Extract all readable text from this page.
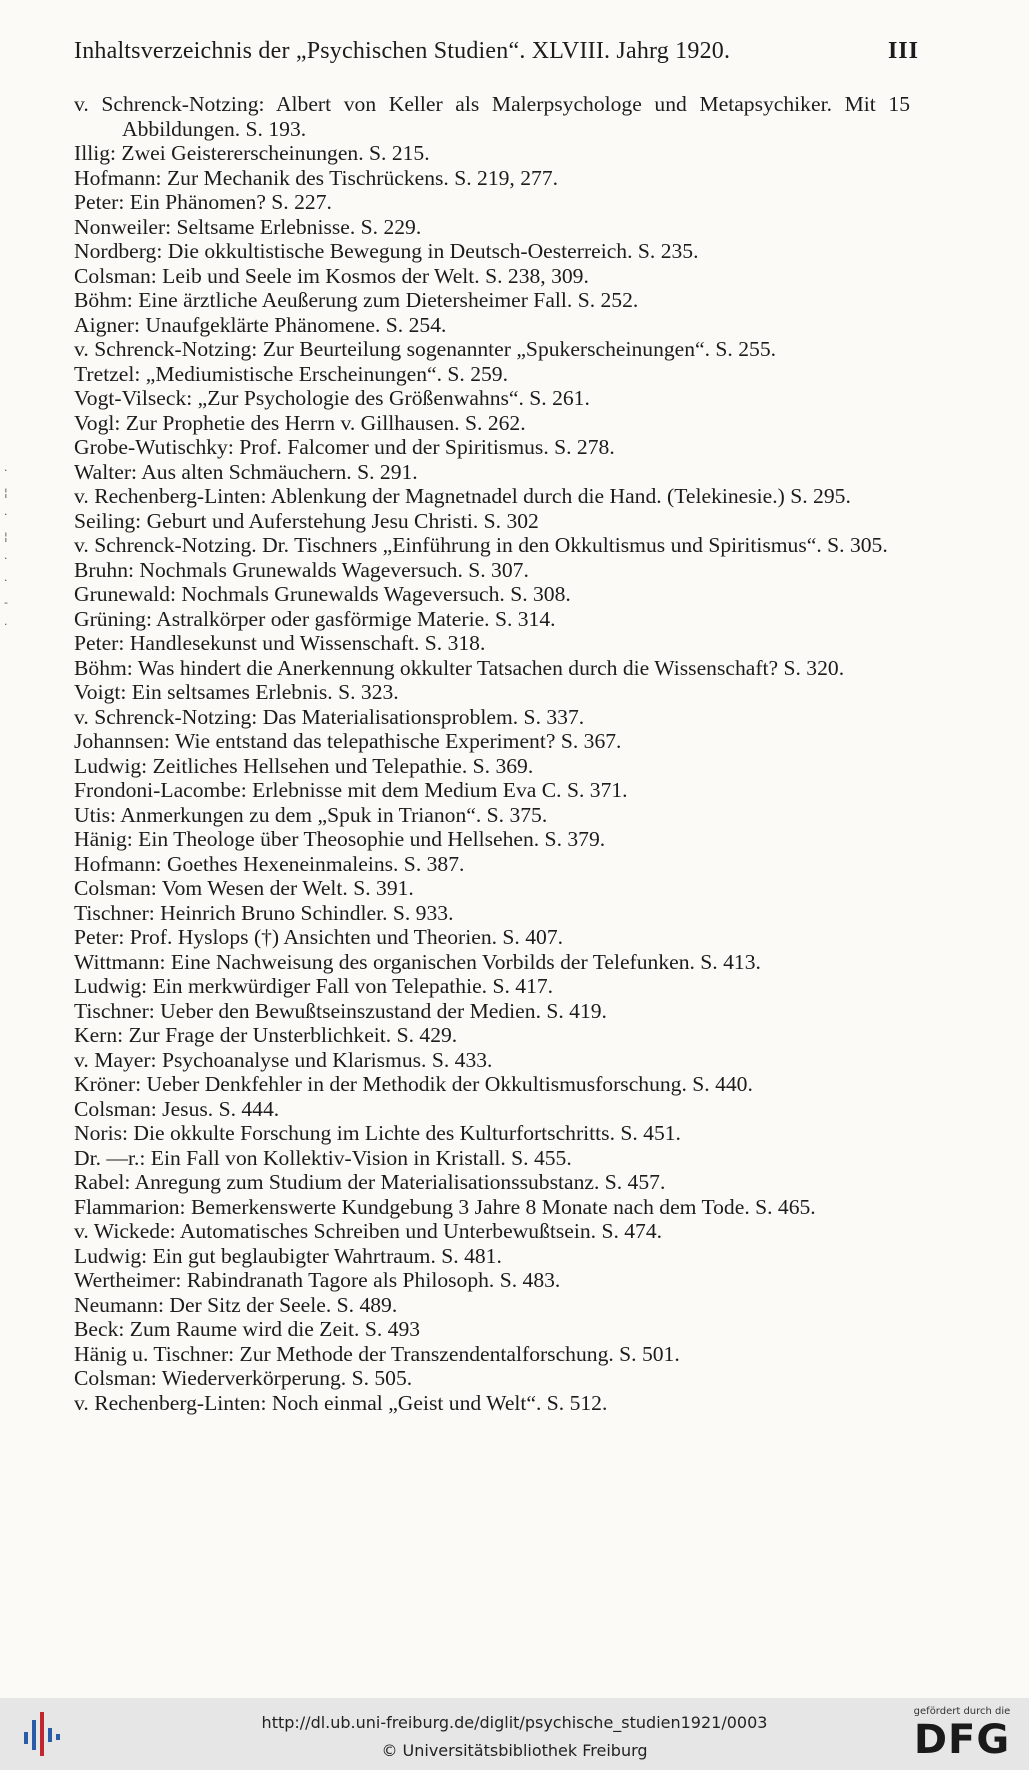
Inhaltsverzeichnis der „Psychischen Studien“. XLVIII. Jahrg 1920.	III
·
¦
·
¦
·
·
-
·
v. Schrenck-Notzing: Albert von Keller als Malerpsychologe und Metapsychiker. Mit 15 Abbildungen. S. 193.
Illig: Zwei Geistererscheinungen. S. 215.
Hofmann: Zur Mechanik des Tischrückens. S. 219, 277.
Peter: Ein Phänomen? S. 227.
Nonweiler: Seltsame Erlebnisse. S. 229.
Nordberg: Die okkultistische Bewegung in Deutsch-Oesterreich. S. 235.
Colsman: Leib und Seele im Kosmos der Welt. S. 238, 309.
Böhm: Eine ärztliche Aeußerung zum Dietersheimer Fall. S. 252.
Aigner: Unaufgeklärte Phänomene. S. 254.
v. Schrenck-Notzing: Zur Beurteilung sogenannter „Spukerscheinungen“. S. 255.
Tretzel: „Mediumistische Erscheinungen“. S. 259.
Vogt-Vilseck: „Zur Psychologie des Größenwahns“. S. 261.
Vogl: Zur Prophetie des Herrn v. Gillhausen. S. 262.
Grobe-Wutischky: Prof. Falcomer und der Spiritismus. S. 278.
Walter: Aus alten Schmäuchern. S. 291.
v. Rechenberg-Linten: Ablenkung der Magnetnadel durch die Hand. (Telekinesie.) S. 295.
Seiling: Geburt und Auferstehung Jesu Christi. S. 302
v. Schrenck-Notzing. Dr. Tischners „Einführung in den Okkultismus und Spiritismus“. S. 305.
Bruhn: Nochmals Grunewalds Wageversuch. S. 307.
Grunewald: Nochmals Grunewalds Wageversuch. S. 308.
Grüning: Astralkörper oder gasförmige Materie. S. 314.
Peter: Handlesekunst und Wissenschaft. S. 318.
Böhm: Was hindert die Anerkennung okkulter Tatsachen durch die Wissenschaft? S. 320.
Voigt: Ein seltsames Erlebnis. S. 323.
v. Schrenck-Notzing: Das Materialisationsproblem. S. 337.
Johannsen: Wie entstand das telepathische Experiment? S. 367.
Ludwig: Zeitliches Hellsehen und Telepathie. S. 369.
Frondoni-Lacombe: Erlebnisse mit dem Medium Eva C. S. 371.
Utis: Anmerkungen zu dem „Spuk in Trianon“. S. 375.
Hänig: Ein Theologe über Theosophie und Hellsehen. S. 379.
Hofmann: Goethes Hexeneinmaleins. S. 387.
Colsman: Vom Wesen der Welt. S. 391.
Tischner: Heinrich Bruno Schindler. S. 933.
Peter: Prof. Hyslops (†) Ansichten und Theorien. S. 407.
Wittmann: Eine Nachweisung des organischen Vorbilds der Telefunken. S. 413.
Ludwig: Ein merkwürdiger Fall von Telepathie. S. 417.
Tischner: Ueber den Bewußtseinszustand der Medien. S. 419.
Kern: Zur Frage der Unsterblichkeit. S. 429.
v. Mayer: Psychoanalyse und Klarismus. S. 433.
Kröner: Ueber Denkfehler in der Methodik der Okkultismusforschung. S. 440.
Colsman: Jesus. S. 444.
Noris: Die okkulte Forschung im Lichte des Kulturfortschritts. S. 451.
Dr. —r.: Ein Fall von Kollektiv-Vision in Kristall. S. 455.
Rabel: Anregung zum Studium der Materialisationssubstanz. S. 457.
Flammarion: Bemerkenswerte Kundgebung 3 Jahre 8 Monate nach dem Tode. S. 465.
v. Wickede: Automatisches Schreiben und Unterbewußtsein. S. 474.
Ludwig: Ein gut beglaubigter Wahrtraum. S. 481.
Wertheimer: Rabindranath Tagore als Philosoph. S. 483.
Neumann: Der Sitz der Seele. S. 489.
Beck: Zum Raume wird die Zeit. S. 493
Hänig u. Tischner: Zur Methode der Transzendentalforschung. S. 501.
Colsman: Wiederverkörperung. S. 505.
v. Rechenberg-Linten: Noch einmal „Geist und Welt“. S. 512.
http://dl.ub.uni-freiburg.de/diglit/psychische_studien1921/0003
© Universitätsbibliothek Freiburg
gefördert durch die
DFG
